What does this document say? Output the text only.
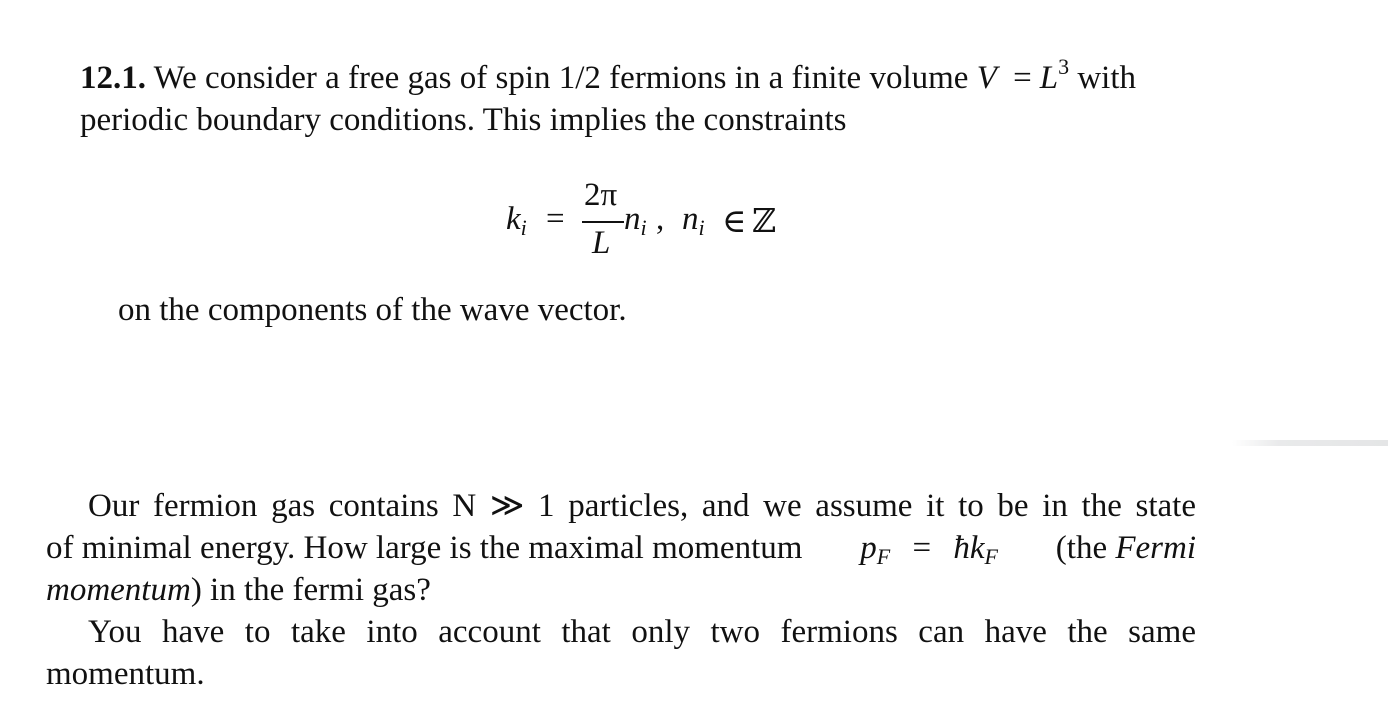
12.1. We consider a free gas of spin 1/2 fermions in a finite volume $V = L^3$ with
periodic boundary conditions. This implies the constraints
$k_i$ =
2π
L
$n_i$ , $n_i$ ∈ ℤ
on the components of the wave vector.
Our fermion gas contains N ≫ 1 particles, and we assume it to be in the state
of minimal energy. How large is the maximal momentum $p_F$ = $ħk_F$ (the Fermi
momentum) in the fermi gas?
You have to take into account that only two fermions can have the same
momentum.
